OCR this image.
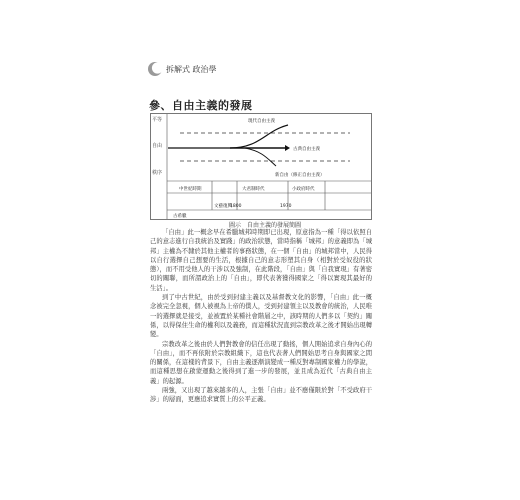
拆解式 政治學
參、自由主義的發展
平等
自由
秩序
現代自由主義
古典自由主義
新自由（修正自由主義）
中世紀時期	大君制時代	小政府時代
古希臘
文藝復興
1800	1970
圖示　自由主義的發展簡圖

「自由」此一概念早在希臘城邦時期即已出現，原意指為一種「得以依照自己的意志進行自我統治及實踐」的政治狀態，當時指稱「城邦」的意義即為「城邦」主權為不隸於其他主權者的事務狀態，在一個「自由」的城邦當中，人民得以自行選擇自己想要的生活，根據自己的意志形塑其自身（相對於受奴役的狀態），而不用受他人的干涉以及強制，在此階段，「自由」與「自我實現」有著密切的關聯，而所謂政治上的「自由」，即代表著獲得國家之「得以實現其最好的生活」。

到了中古世紀，由於受到封建主義以及基督教文化的影響，「自由」此一概念被完全忽視，個人被視為上帝的僕人，受到封建領主以及教會的統治，人民唯一的選擇就是接受，並被置於某種社會階層之中，該時期的人們多以「契約」關係，以得保住生命的權利以及義務，而這種狀況直到宗教改革之後才開始出現轉變。

宗教改革之後由於人們對教會的信任出現了動搖，個人開始追求自身內心的「自由」，而不再依附於宗教組織下，這也代表著人們開始思考自身與國家之間的關係，在這樣的背景下，自由主義逐漸演變成一種反對專制國家權力的學說，而這種思想在啟蒙運動之後得到了進一步的發展，並且成為近代「古典自由主義」的起源。

兩強，又出現了越來越多的人，主張「自由」並不應僅限於對「不受政府干涉」的層面，更應追求實質上的公平正義。
